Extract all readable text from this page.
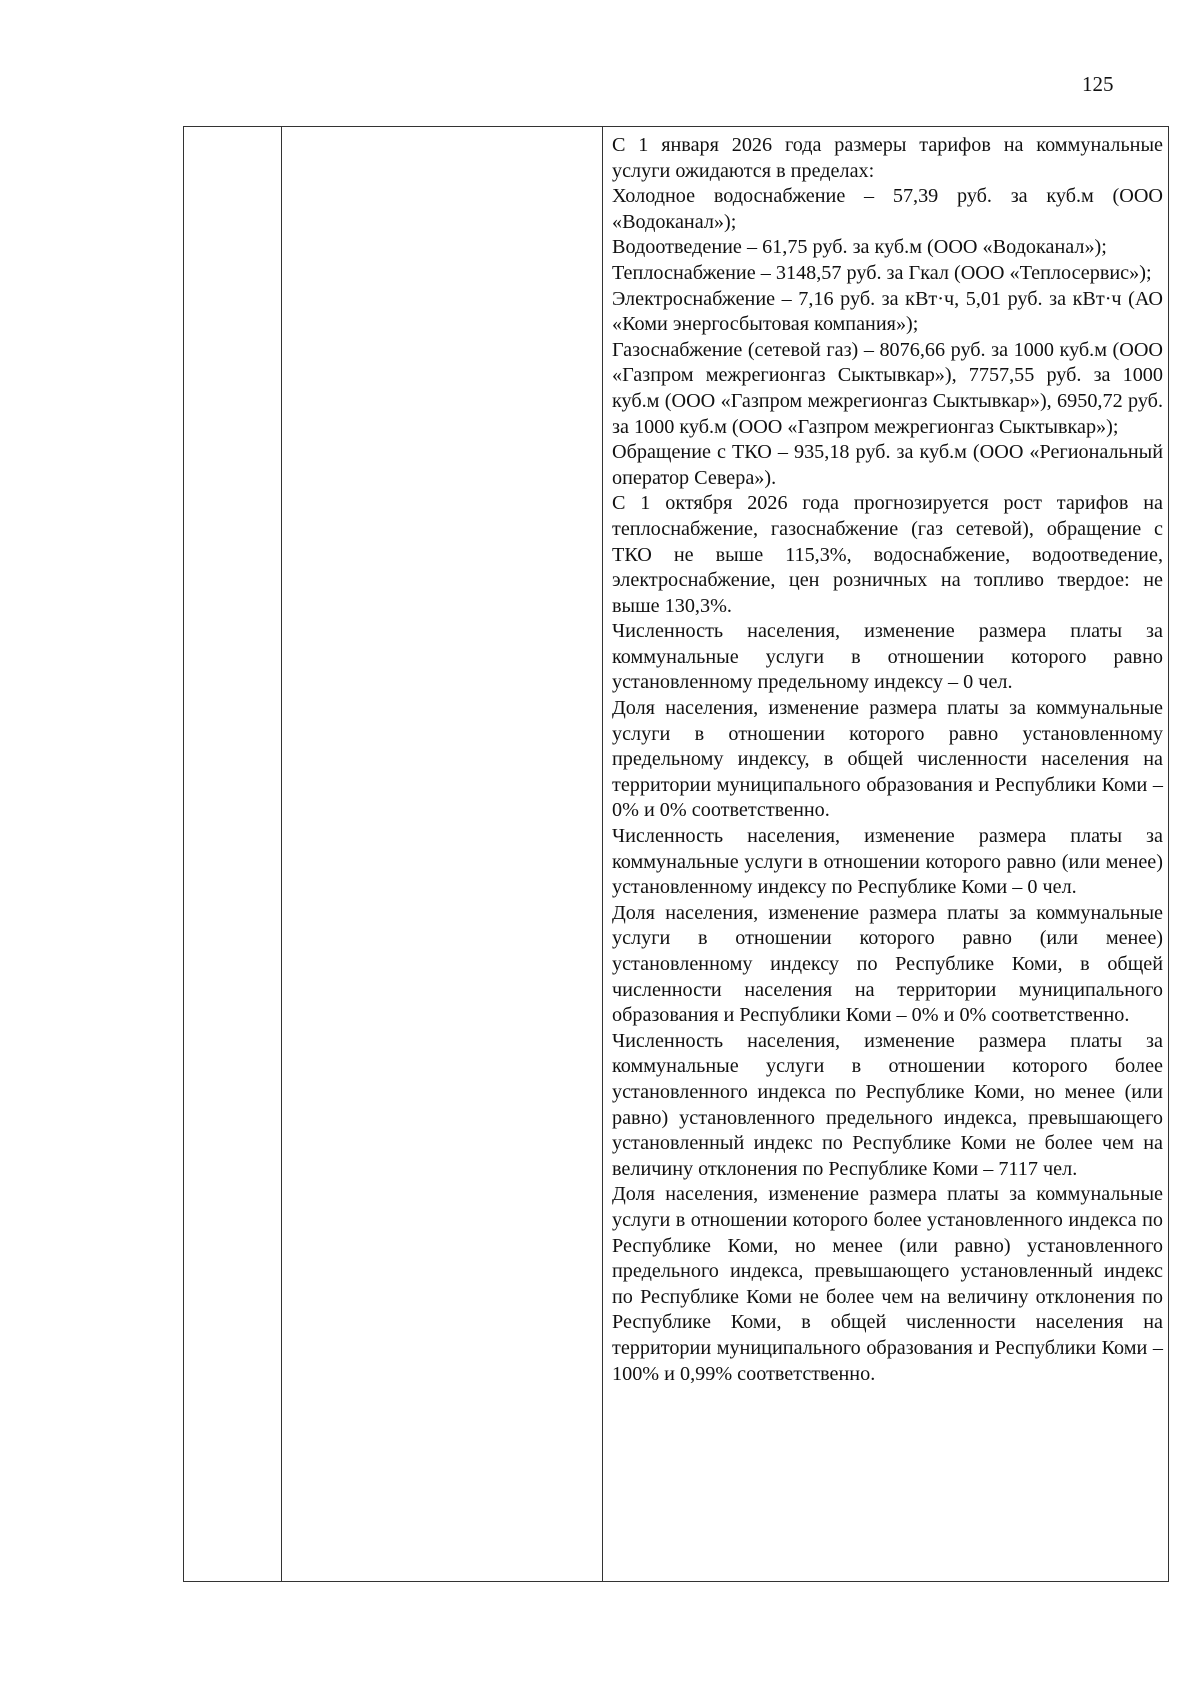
125

С 1 января 2026 года размеры тарифов на коммунальные услуги ожидаются в пределах:

Холодное водоснабжение – 57,39 руб. за куб.м (ООО «Водоканал»);

Водоотведение – 61,75 руб. за куб.м (ООО «Водоканал»);

Теплоснабжение – 3148,57 руб. за Гкал (ООО «Теплосервис»);

Электроснабжение – 7,16 руб. за кВт·ч, 5,01 руб. за кВт·ч (АО «Коми энергосбытовая компания»);

Газоснабжение (сетевой газ) – 8076,66 руб. за 1000 куб.м (ООО «Газпром межрегионгаз Сыктывкар»), 7757,55 руб. за 1000 куб.м (ООО «Газпром межрегионгаз Сыктывкар»), 6950,72 руб. за 1000 куб.м (ООО «Газпром межрегионгаз Сыктывкар»);

Обращение с ТКО – 935,18 руб. за куб.м (ООО «Региональный оператор Севера»).

С 1 октября 2026 года прогнозируется рост тарифов на теплоснабжение, газоснабжение (газ сетевой), обращение с ТКО не выше 115,3%, водоснабжение, водоотведение, электроснабжение, цен розничных на топливо твердое: не выше 130,3%.

Численность населения, изменение размера платы за коммунальные услуги в отношении которого равно установленному предельному индексу – 0 чел.

Доля населения, изменение размера платы за коммунальные услуги в отношении которого равно установленному предельному индексу, в общей численности населения на территории муниципального образования и Республики Коми – 0% и 0% соответственно.

Численность населения, изменение размера платы за коммунальные услуги в отношении которого равно (или менее) установленному индексу по Республике Коми – 0 чел.

Доля населения, изменение размера платы за коммунальные услуги в отношении которого равно (или менее) установленному индексу по Республике Коми, в общей численности населения на территории муниципального образования и Республики Коми – 0% и 0% соответственно.

Численность населения, изменение размера платы за коммунальные услуги в отношении которого более установленного индекса по Республике Коми, но менее (или равно) установленного предельного индекса, превышающего установленный индекс по Республике Коми не более чем на величину отклонения по Республике Коми – 7117 чел.

Доля населения, изменение размера платы за коммунальные услуги в отношении которого более установленного индекса по Республике Коми, но менее (или равно) установленного предельного индекса, превышающего установленный индекс по Республике Коми не более чем на величину отклонения по Республике Коми, в общей численности населения на территории муниципального образования и Республики Коми – 100% и 0,99% соответственно.
